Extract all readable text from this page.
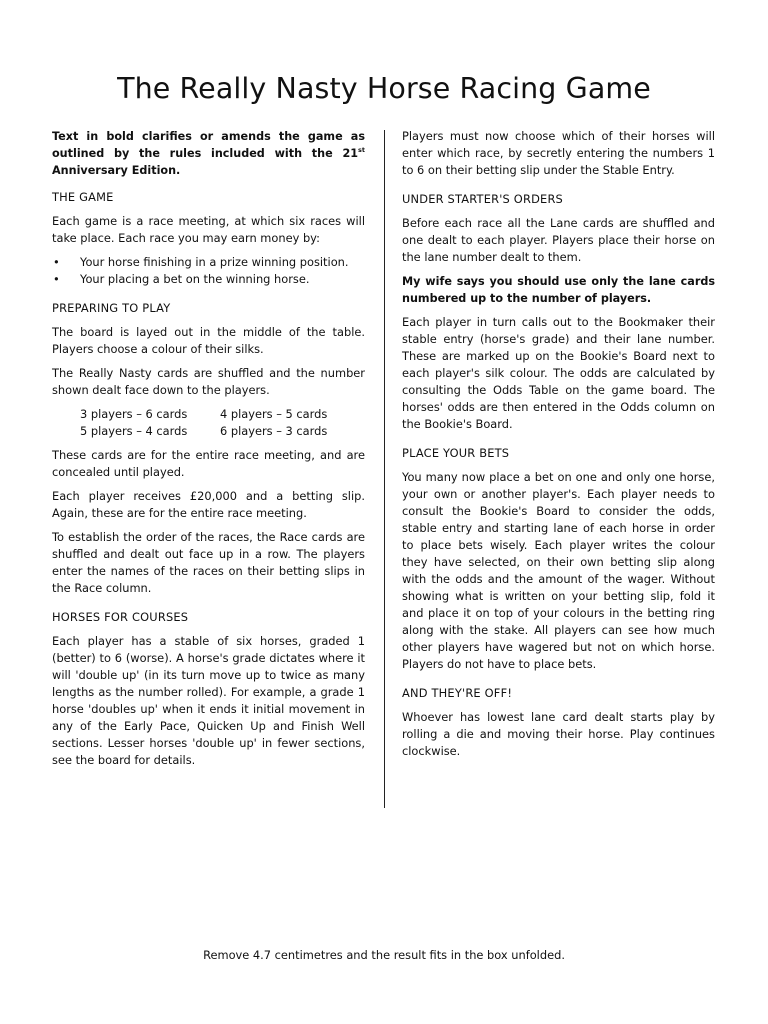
The Really Nasty Horse Racing Game

Text in bold clarifies or amends the game as outlined by the rules included with the 21st Anniversary Edition.

THE GAME

Each game is a race meeting, at which six races will take place. Each race you may earn money by:

• Your horse finishing in a prize winning position.
• Your placing a bet on the winning horse.
PREPARING TO PLAY

The board is layed out in the middle of the table. Players choose a colour of their silks.

The Really Nasty cards are shuffled and the number shown dealt face down to the players.

3 players – 6 cards	4 players – 5 cards
5 players – 4 cards	6 players – 3 cards

These cards are for the entire race meeting, and are concealed until played.

Each player receives £20,000 and a betting slip. Again, these are for the entire race meeting.

To establish the order of the races, the Race cards are shuffled and dealt out face up in a row. The players enter the names of the races on their betting slips in the Race column.

HORSES FOR COURSES

Each player has a stable of six horses, graded 1 (better) to 6 (worse). A horse's grade dictates where it will 'double up' (in its turn move up to twice as many lengths as the number rolled). For example, a grade 1 horse 'doubles up' when it ends it initial movement in any of the Early Pace, Quicken Up and Finish Well sections. Lesser horses 'double up' in fewer sections, see the board for details.

Players must now choose which of their horses will enter which race, by secretly entering the numbers 1 to 6 on their betting slip under the Stable Entry.

UNDER STARTER'S ORDERS

Before each race all the Lane cards are shuffled and one dealt to each player. Players place their horse on the lane number dealt to them.

My wife says you should use only the lane cards numbered up to the number of players.

Each player in turn calls out to the Bookmaker their stable entry (horse's grade) and their lane number. These are marked up on the Bookie's Board next to each player's silk colour. The odds are calculated by consulting the Odds Table on the game board. The horses' odds are then entered in the Odds column on the Bookie's Board.

PLACE YOUR BETS

You many now place a bet on one and only one horse, your own or another player's. Each player needs to consult the Bookie's Board to consider the odds, stable entry and starting lane of each horse in order to place bets wisely. Each player writes the colour they have selected, on their own betting slip along with the odds and the amount of the wager. Without showing what is written on your betting slip, fold it and place it on top of your colours in the betting ring along with the stake. All players can see how much other players have wagered but not on which horse. Players do not have to place bets.

AND THEY'RE OFF!

Whoever has lowest lane card dealt starts play by rolling a die and moving their horse. Play continues clockwise.

Remove 4.7 centimetres and the result fits in the box unfolded.
